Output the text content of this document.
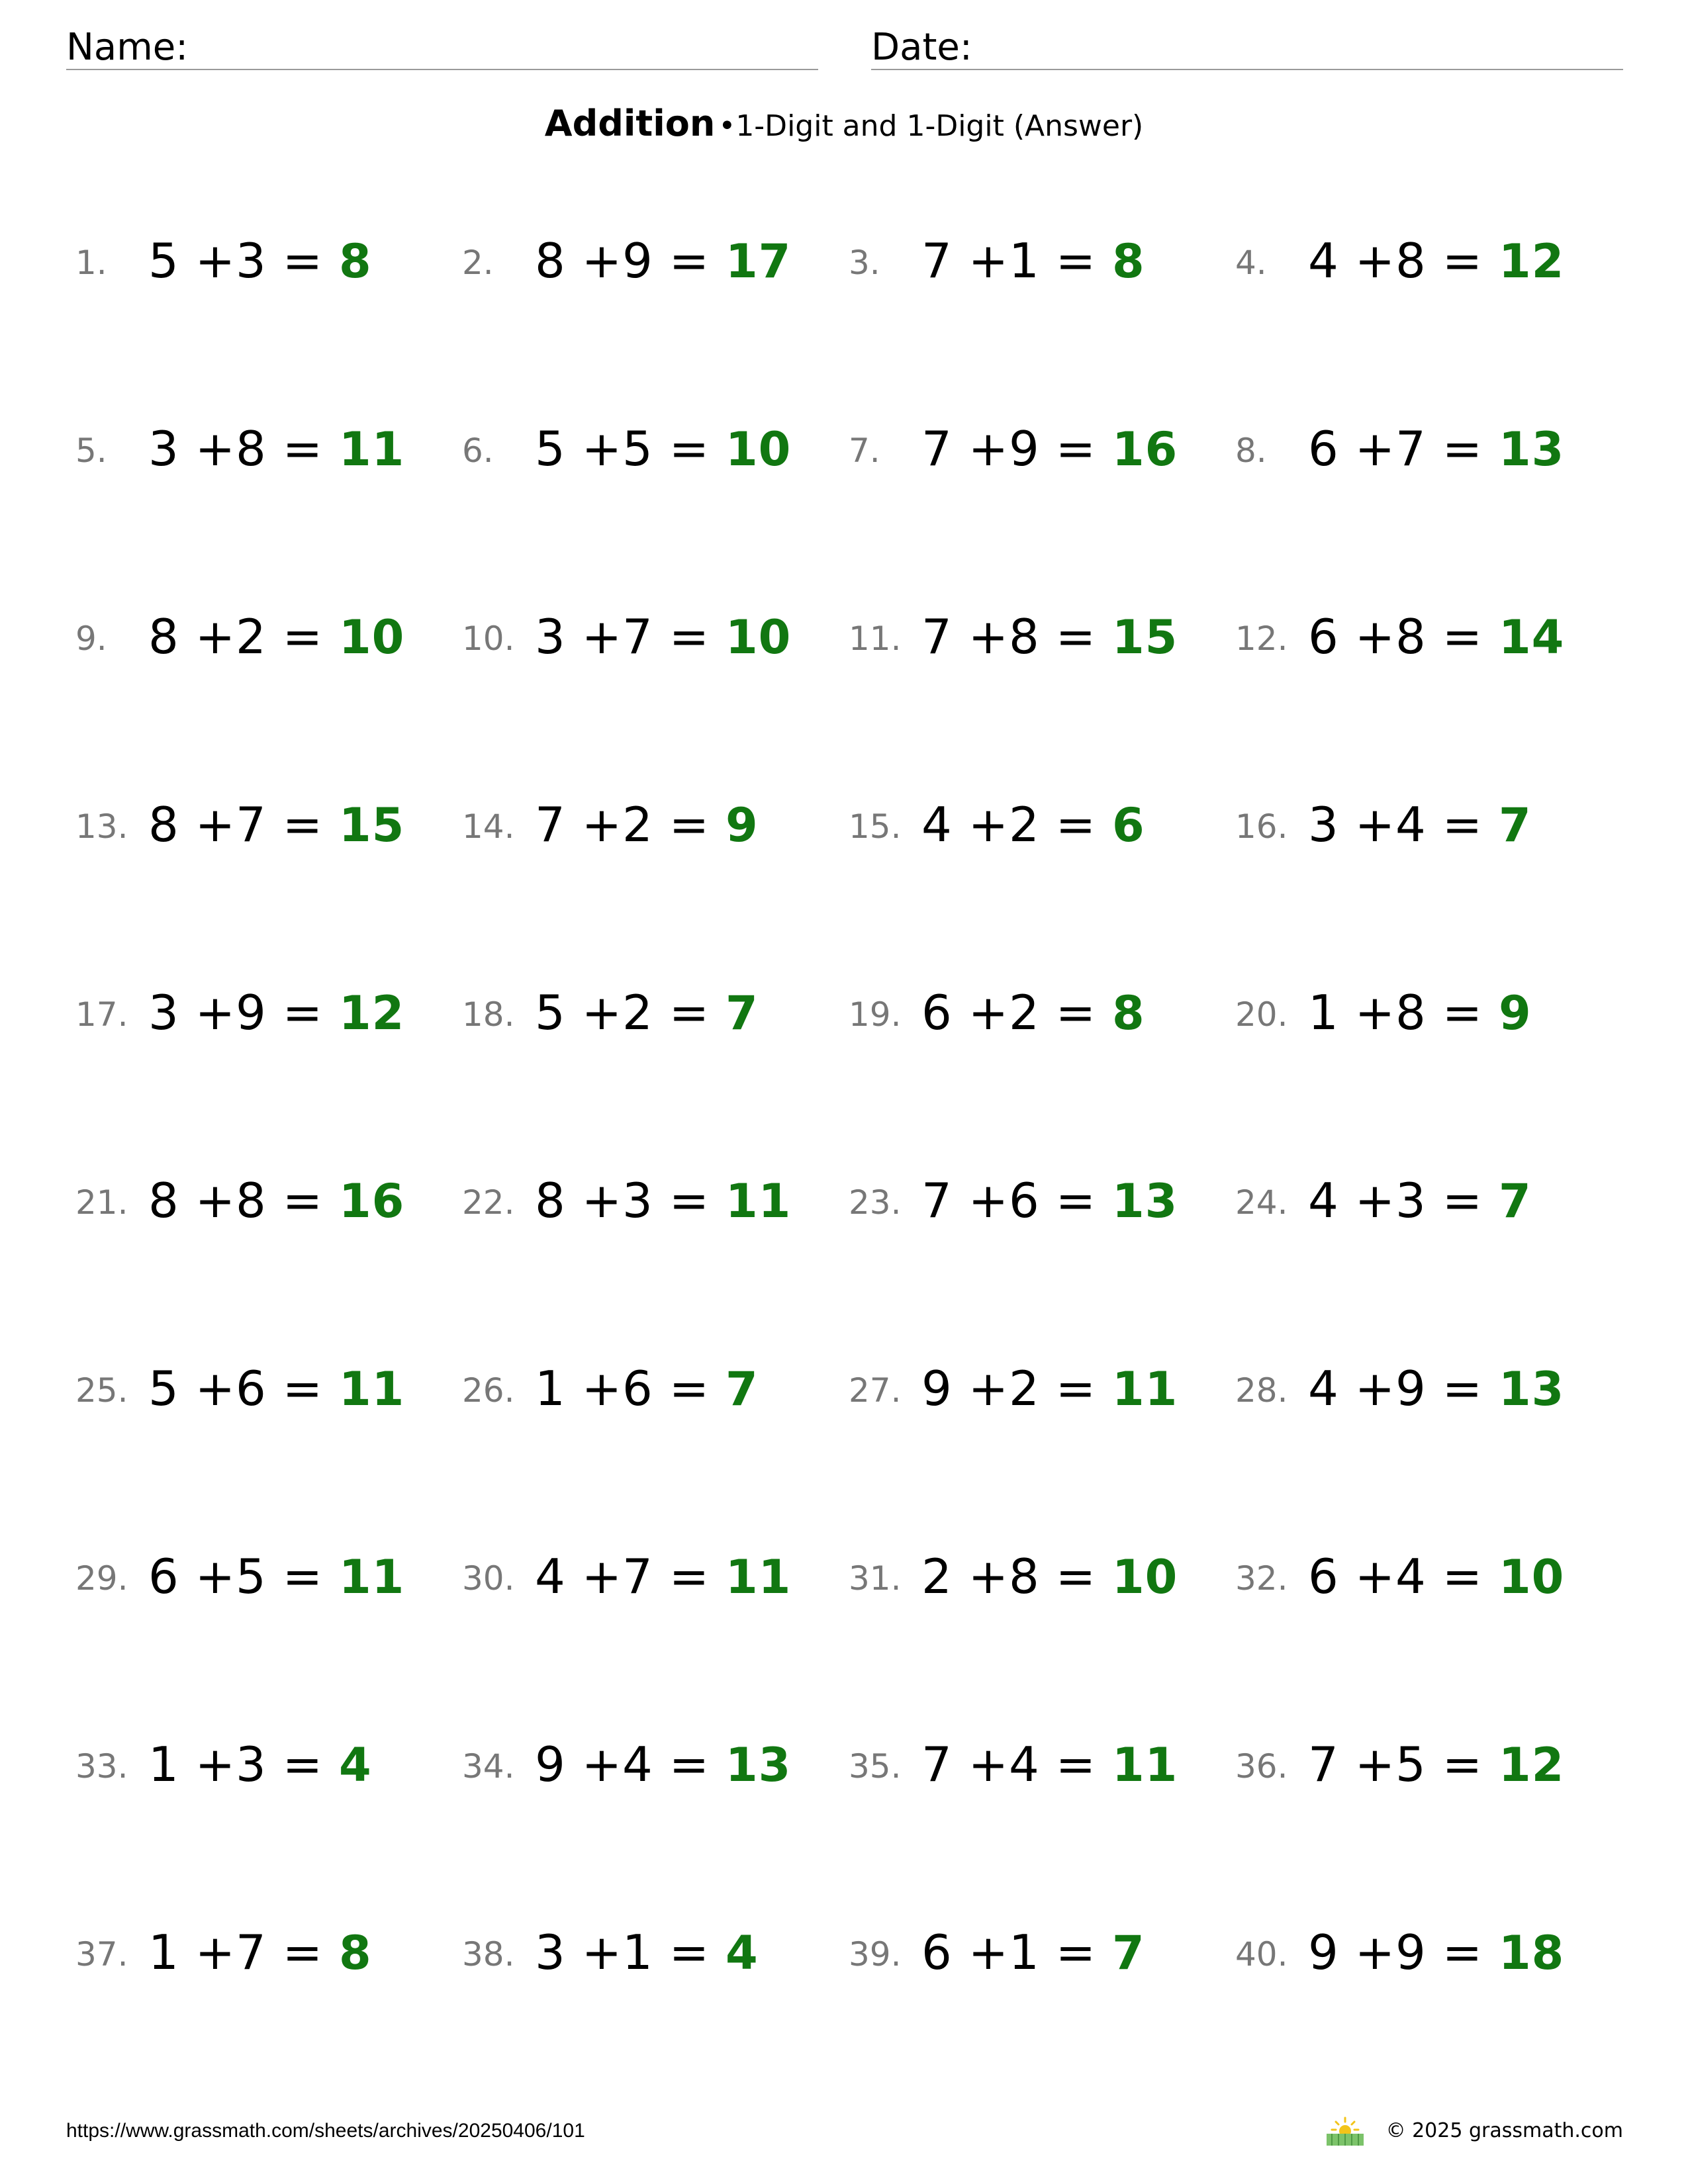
Name:	Date:
Addition •1-Digit and 1-Digit (Answer)
1. 5 +3 = 8	2. 8 +9 = 17 3. 7 +1 = 8	4. 4 +8 = 12
5. 3 +8 = 11 6. 5 +5 = 10 7. 7 +9 = 16 8. 6 +7 = 13
9. 8 +2 = 10 10. 3 +7 = 10 11. 7 +8 = 15 12. 6 +8 = 14
13. 8 +7 = 15 14. 7 +2 = 9	15. 4 +2 = 6	16. 3 +4 = 7
17. 3 +9 = 12 18. 5 +2 = 7	19. 6 +2 = 8	20. 1 +8 = 9
21. 8 +8 = 16 22. 8 +3 = 11 23. 7 +6 = 13 24. 4 +3 = 7
25. 5 +6 = 11 26. 1 +6 = 7	27. 9 +2 = 11 28. 4 +9 = 13
29. 6 +5 = 11 30. 4 +7 = 11 31. 2 +8 = 10 32. 6 +4 = 10
33. 1 +3 = 4	34. 9 +4 = 13 35. 7 +4 = 11 36. 7 +5 = 12
37. 1 +7 = 8	38. 3 +1 = 4	39. 6 +1 = 7	40. 9 +9 = 18
https://www.grassmath.com/sheets/archives/20250406/101	© 2025 grassmath.com
